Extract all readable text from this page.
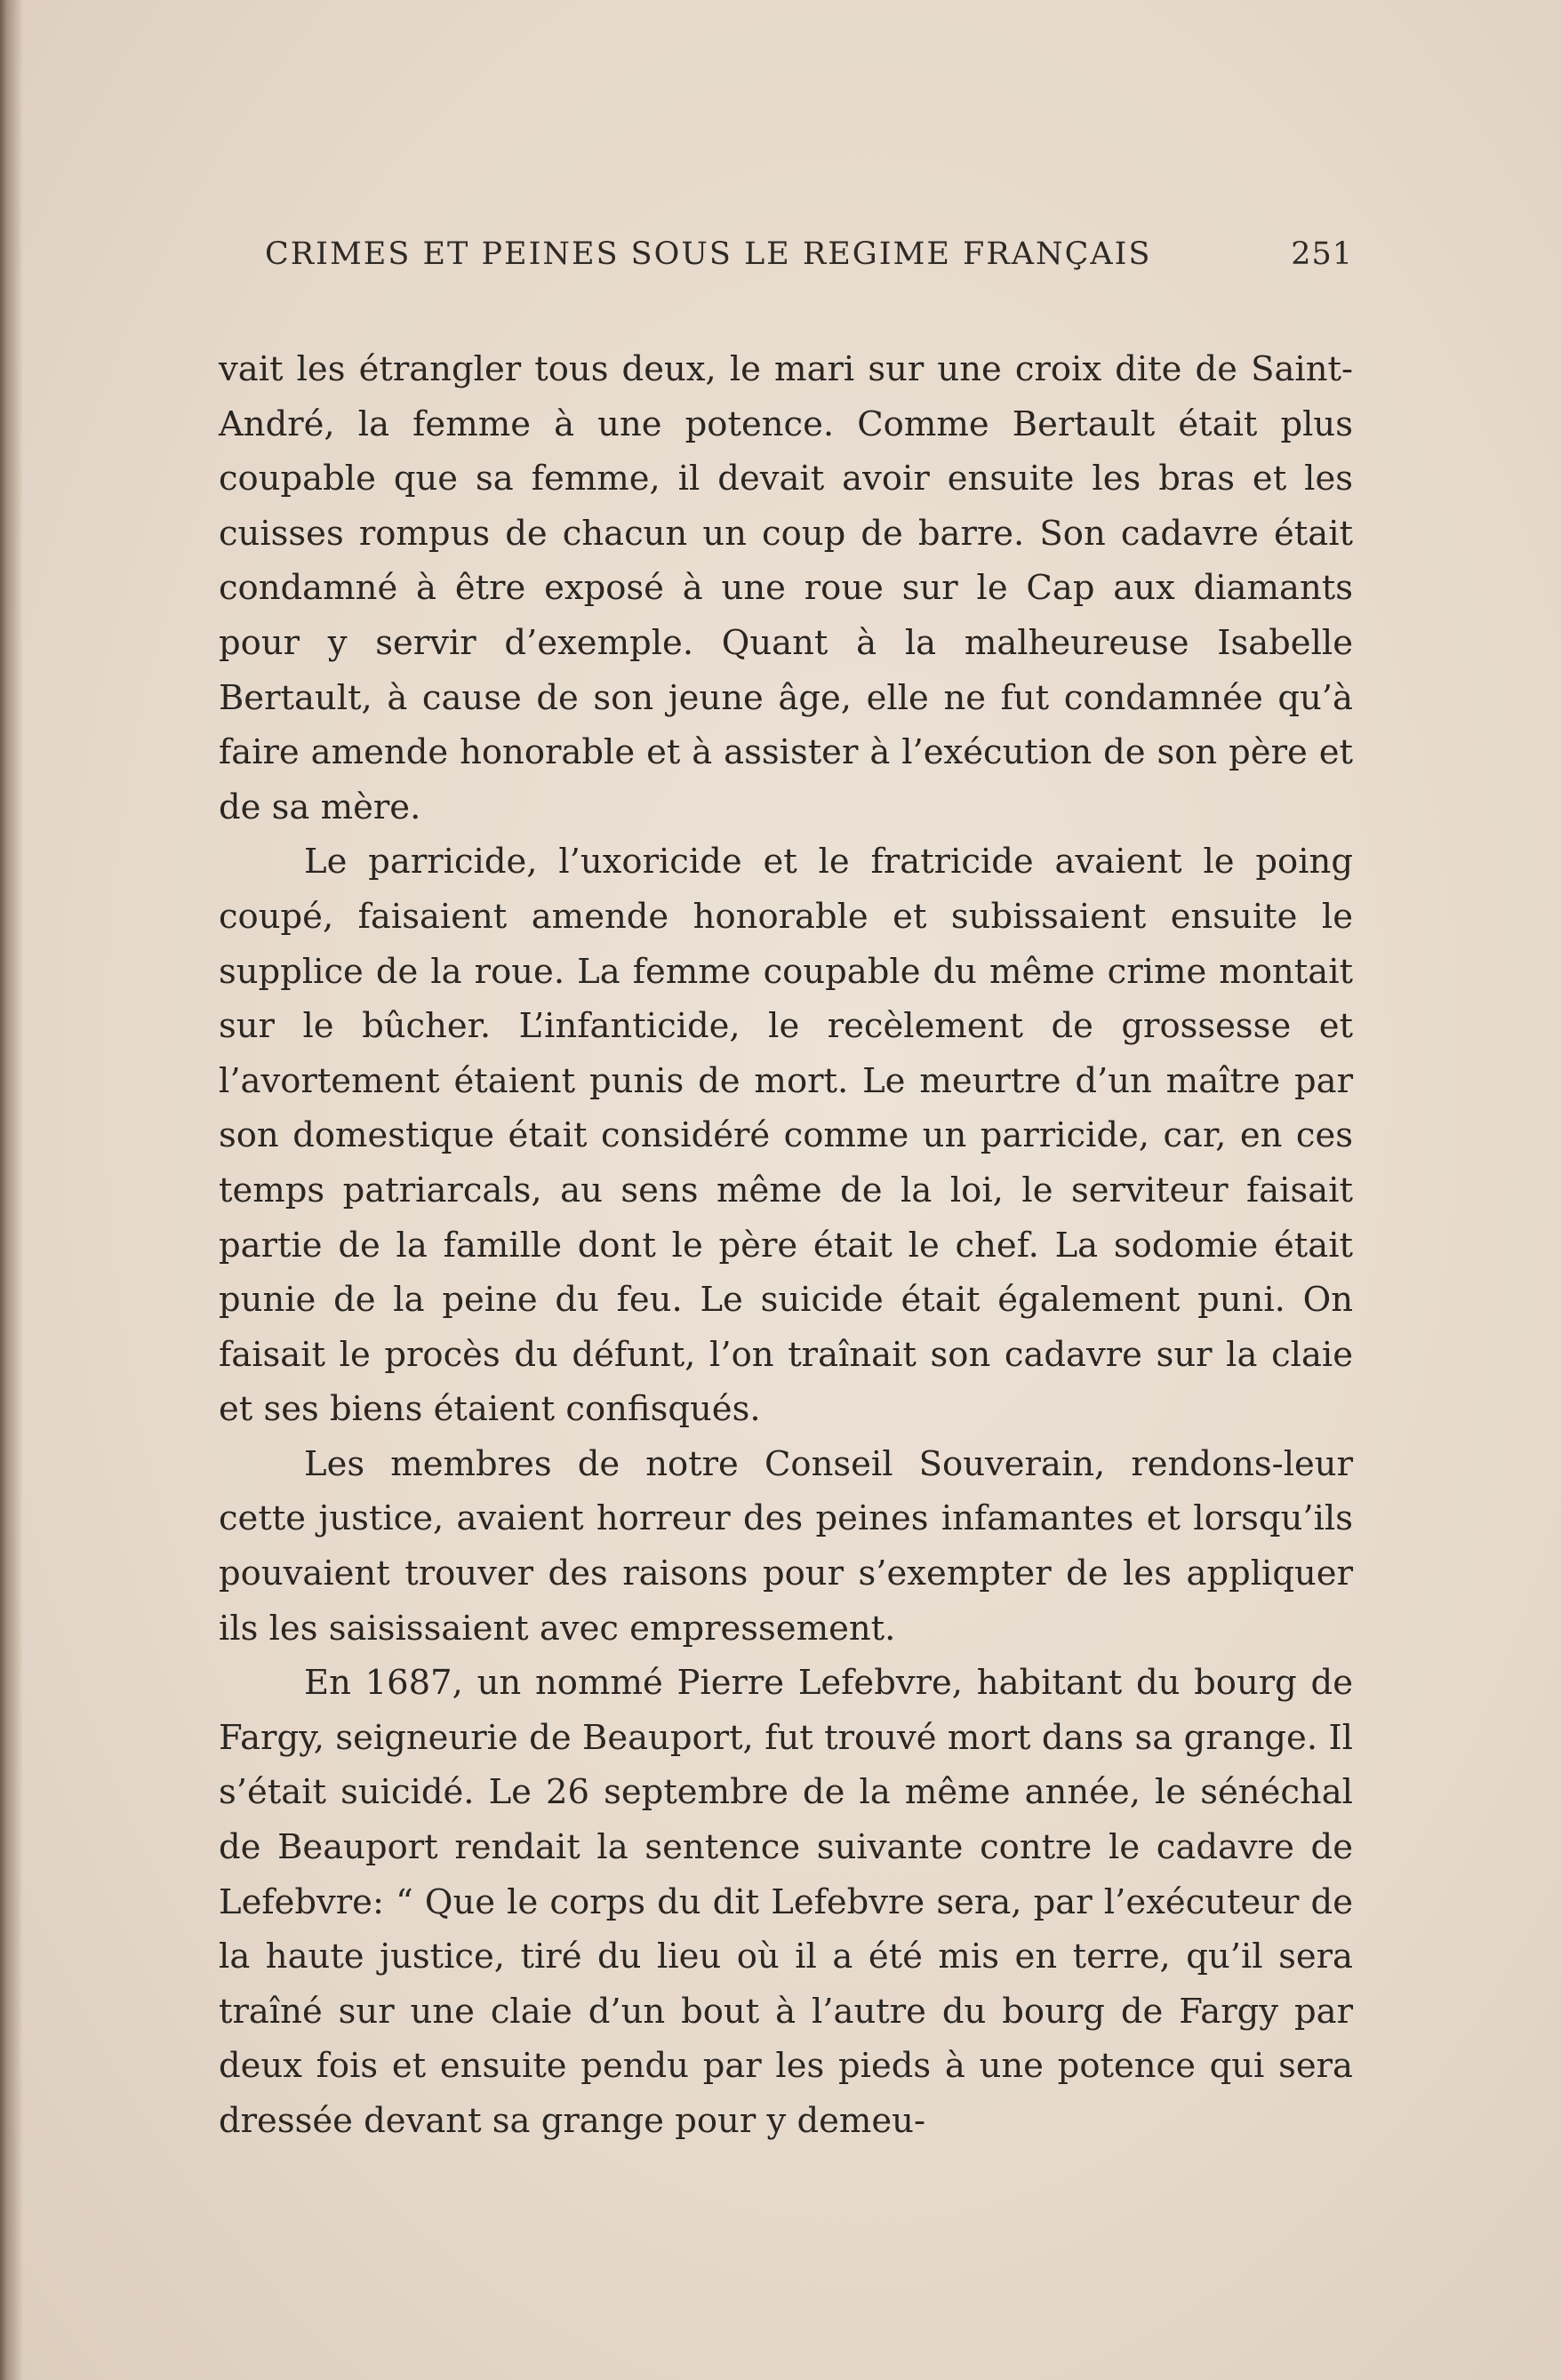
CRIMES ET PEINES SOUS LE REGIME FRANÇAIS	251

vait les étrangler tous deux, le mari sur une croix dite de Saint-André, la femme à une potence. Comme Bertault était plus coupable que sa femme, il devait avoir ensuite les bras et les cuisses rompus de chacun un coup de barre. Son cadavre était condamné à être exposé à une roue sur le Cap aux diamants pour y servir d’exemple. Quant à la malheureuse Isabelle Bertault, à cause de son jeune âge, elle ne fut condamnée qu’à faire amende honorable et à assister à l’exécution de son père et de sa mère.

Le parricide, l’uxoricide et le fratricide avaient le poing coupé, faisaient amende honorable et subissaient ensuite le supplice de la roue. La femme coupable du même crime montait sur le bûcher. L’infanticide, le recèlement de grossesse et l’avortement étaient punis de mort. Le meurtre d’un maître par son domestique était considéré comme un parricide, car, en ces temps patriarcals, au sens même de la loi, le serviteur faisait partie de la famille dont le père était le chef. La sodomie était punie de la peine du feu. Le suicide était également puni. On faisait le procès du défunt, l’on traînait son cadavre sur la claie et ses biens étaient confisqués.

Les membres de notre Conseil Souverain, rendons-leur cette justice, avaient horreur des peines infamantes et lorsqu’ils pouvaient trouver des raisons pour s’exempter de les appliquer ils les saisissaient avec empressement.

En 1687, un nommé Pierre Lefebvre, habitant du bourg de Fargy, seigneurie de Beauport, fut trouvé mort dans sa grange. Il s’était suicidé. Le 26 septembre de la même année, le sénéchal de Beauport rendait la sentence suivante contre le cadavre de Lefebvre: “ Que le corps du dit Lefebvre sera, par l’exécuteur de la haute justice, tiré du lieu où il a été mis en terre, qu’il sera traîné sur une claie d’un bout à l’autre du bourg de Fargy par deux fois et ensuite pendu par les pieds à une potence qui sera dressée devant sa grange pour y demeu-
